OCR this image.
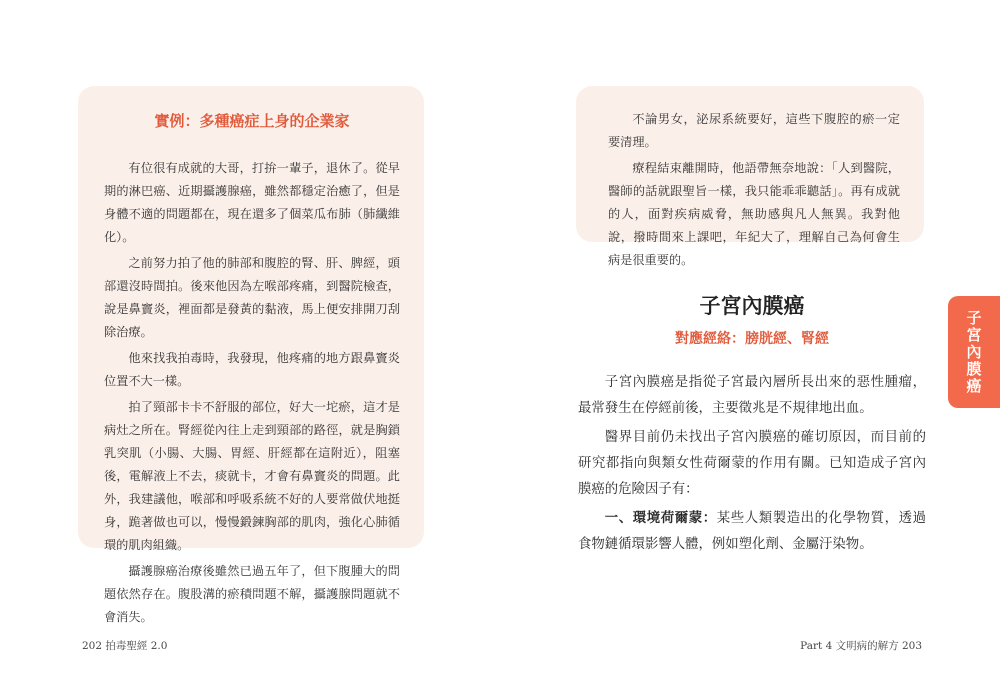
實例：多種癌症上身的企業家

有位很有成就的大哥，打拚一輩子，退休了。從早期的淋巴癌、近期攝護腺癌，雖然都穩定治癒了，但是身體不適的問題都在，現在還多了個菜瓜布肺（肺纖維化）。

之前努力拍了他的肺部和腹腔的腎、肝、脾經，頭部還沒時間拍。後來他因為左喉部疼痛，到醫院檢查，說是鼻竇炎，裡面都是發黃的黏液，馬上便安排開刀刮除治療。

他來找我拍毒時，我發現，他疼痛的地方跟鼻竇炎位置不大一樣。

拍了頸部卡卡不舒服的部位，好大一坨瘀，這才是病灶之所在。腎經從內往上走到頸部的路徑，就是胸鎖乳突肌（小腸、大腸、胃經、肝經都在這附近），阻塞後，電解液上不去，痰就卡，才會有鼻竇炎的問題。此外，我建議他，喉部和呼吸系統不好的人要常做伏地挺身，跪著做也可以，慢慢鍛鍊胸部的肌肉，強化心肺循環的肌肉組織。

攝護腺癌治療後雖然已過五年了，但下腹腫大的問題依然存在。腹股溝的瘀積問題不解，攝護腺問題就不會消失。

202 拍毒聖經 2.0

不論男女，泌尿系統要好，這些下腹腔的瘀一定要清理。

療程結束離開時，他語帶無奈地說：「人到醫院，醫師的話就跟聖旨一樣，我只能乖乖聽話」。再有成就的人，面對疾病威脅，無助感與凡人無異。我對他說，撥時間來上課吧，年紀大了，理解自己為何會生病是很重要的。

子宮內膜癌
對應經絡：膀胱經、腎經

子宮內膜癌是指從子宮最內層所長出來的惡性腫瘤，最常發生在停經前後，主要徵兆是不規律地出血。

醫界目前仍未找出子宮內膜癌的確切原因，而目前的研究都指向與類女性荷爾蒙的作用有關。已知造成子宮內膜癌的危險因子有：

一、環境荷爾蒙：某些人類製造出的化學物質，透過食物鏈循環影響人體，例如塑化劑、金屬汙染物。

Part 4 文明病的解方 203
子宮內膜癌
